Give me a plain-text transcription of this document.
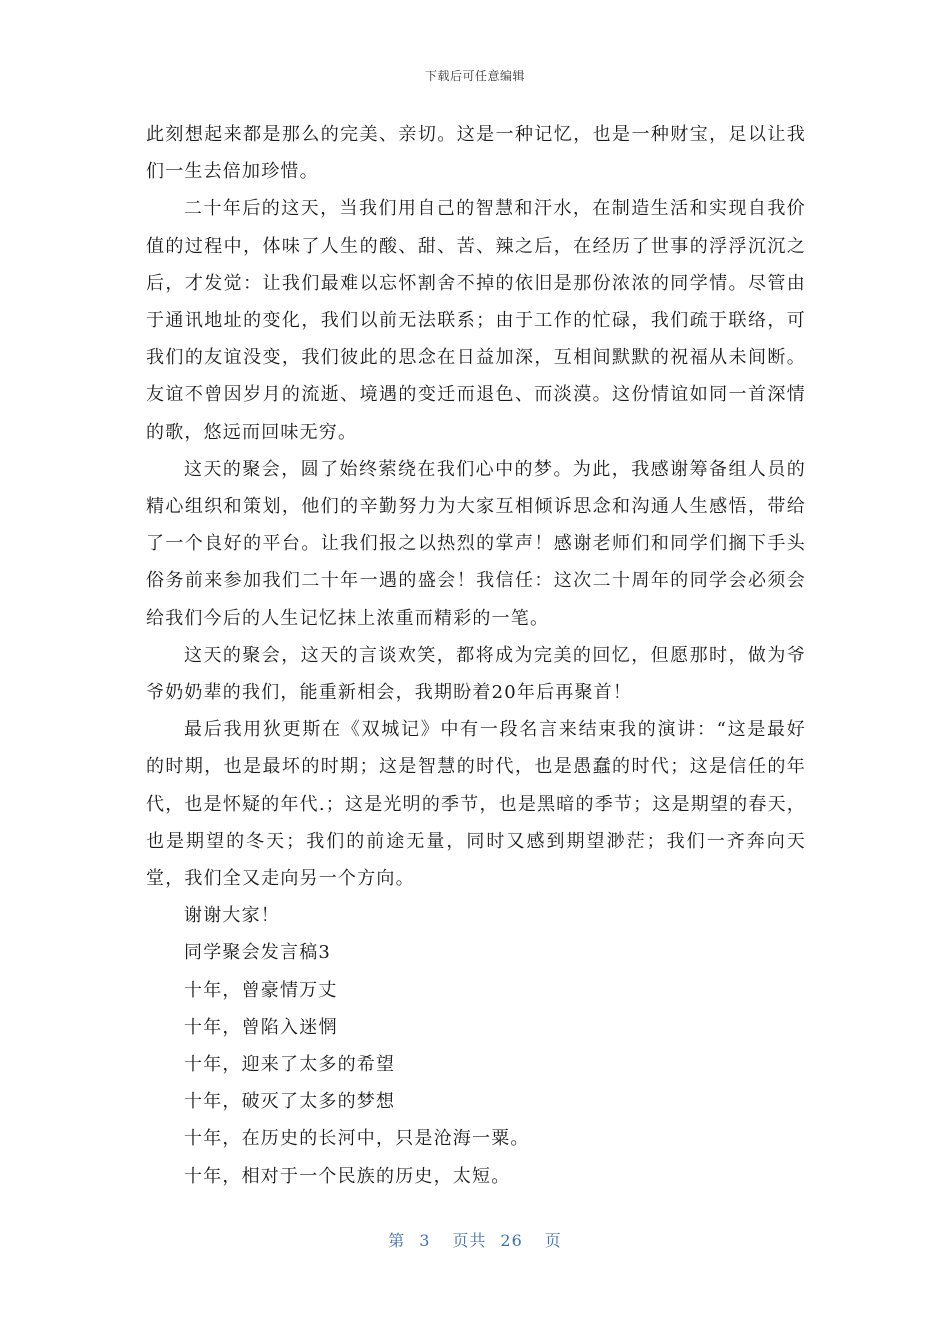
下载后可任意编辑

此刻想起来都是那么的完美、亲切。这是一种记忆，也是一种财宝，足以让我们一生去倍加珍惜。

二十年后的这天，当我们用自己的智慧和汗水，在制造生活和实现自我价值的过程中，体味了人生的酸、甜、苦、辣之后，在经历了世事的浮浮沉沉之后，才发觉：让我们最难以忘怀割舍不掉的依旧是那份浓浓的同学情。尽管由于通讯地址的变化，我们以前无法联系；由于工作的忙碌，我们疏于联络，可我们的友谊没变，我们彼此的思念在日益加深，互相间默默的祝福从未间断。友谊不曾因岁月的流逝、境遇的变迁而退色、而淡漠。这份情谊如同一首深情的歌，悠远而回味无穷。

这天的聚会，圆了始终萦绕在我们心中的梦。为此，我感谢筹备组人员的精心组织和策划，他们的辛勤努力为大家互相倾诉思念和沟通人生感悟，带给了一个良好的平台。让我们报之以热烈的掌声！感谢老师们和同学们搁下手头俗务前来参加我们二十年一遇的盛会！我信任：这次二十周年的同学会必须会给我们今后的人生记忆抹上浓重而精彩的一笔。

这天的聚会，这天的言谈欢笑，都将成为完美的回忆，但愿那时，做为爷爷奶奶辈的我们，能重新相会，我期盼着20年后再聚首！

最后我用狄更斯在《双城记》中有一段名言来结束我的演讲：“这是最好的时期，也是最坏的时期；这是智慧的时代，也是愚蠢的时代；这是信任的年代，也是怀疑的年代.；这是光明的季节，也是黑暗的季节；这是期望的春天，也是期望的冬天；我们的前途无量，同时又感到期望渺茫；我们一齐奔向天堂，我们全又走向另一个方向。

谢谢大家！

同学聚会发言稿3

十年，曾豪情万丈

十年，曾陷入迷惘

十年，迎来了太多的希望

十年，破灭了太多的梦想

十年，在历史的长河中，只是沧海一粟。

十年，相对于一个民族的历史，太短。

第 3 页共 26 页
